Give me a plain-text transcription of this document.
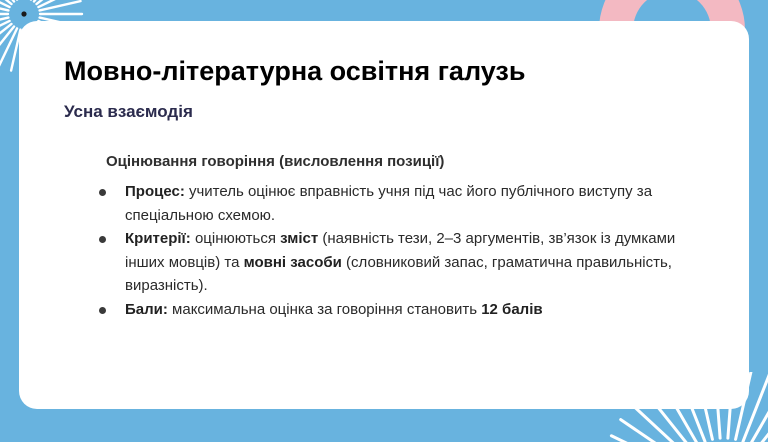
Мовно-літературна освітня галузь
Усна взаємодія
Оцінювання говоріння (висловлення позиції)
Процес: учитель оцінює вправність учня під час його публічного виступу за спеціальною схемою.
Критерії: оцінюються зміст (наявність тези, 2–3 аргументів, зв’язок із думками інших мовців) та мовні засоби (словниковий запас, граматична правильність, виразність).
Бали: максимальна оцінка за говоріння становить 12 балів
